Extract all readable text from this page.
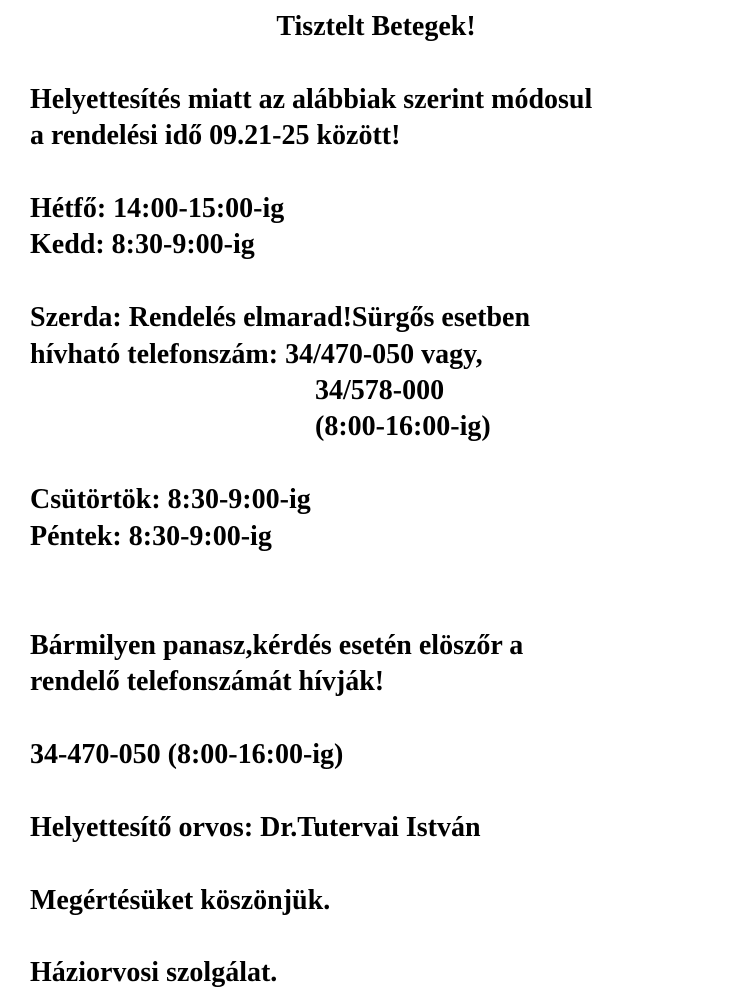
Tisztelt Betegek!
Helyettesítés miatt az alábbiak szerint módosul
a rendelési idő 09.21-25 között!
Hétfő: 14:00-15:00-ig
Kedd: 8:30-9:00-ig
Szerda: Rendelés elmarad!Sürgős esetben
hívható telefonszám: 34/470-050 vagy,
34/578-000
(8:00-16:00-ig)
Csütörtök: 8:30-9:00-ig
Péntek: 8:30-9:00-ig
Bármilyen panasz,kérdés esetén elöszőr a
rendelő telefonszámát hívják!
34-470-050 (8:00-16:00-ig)
Helyettesítő orvos: Dr.Tutervai István
Megértésüket köszönjük.
Háziorvosi szolgálat.
